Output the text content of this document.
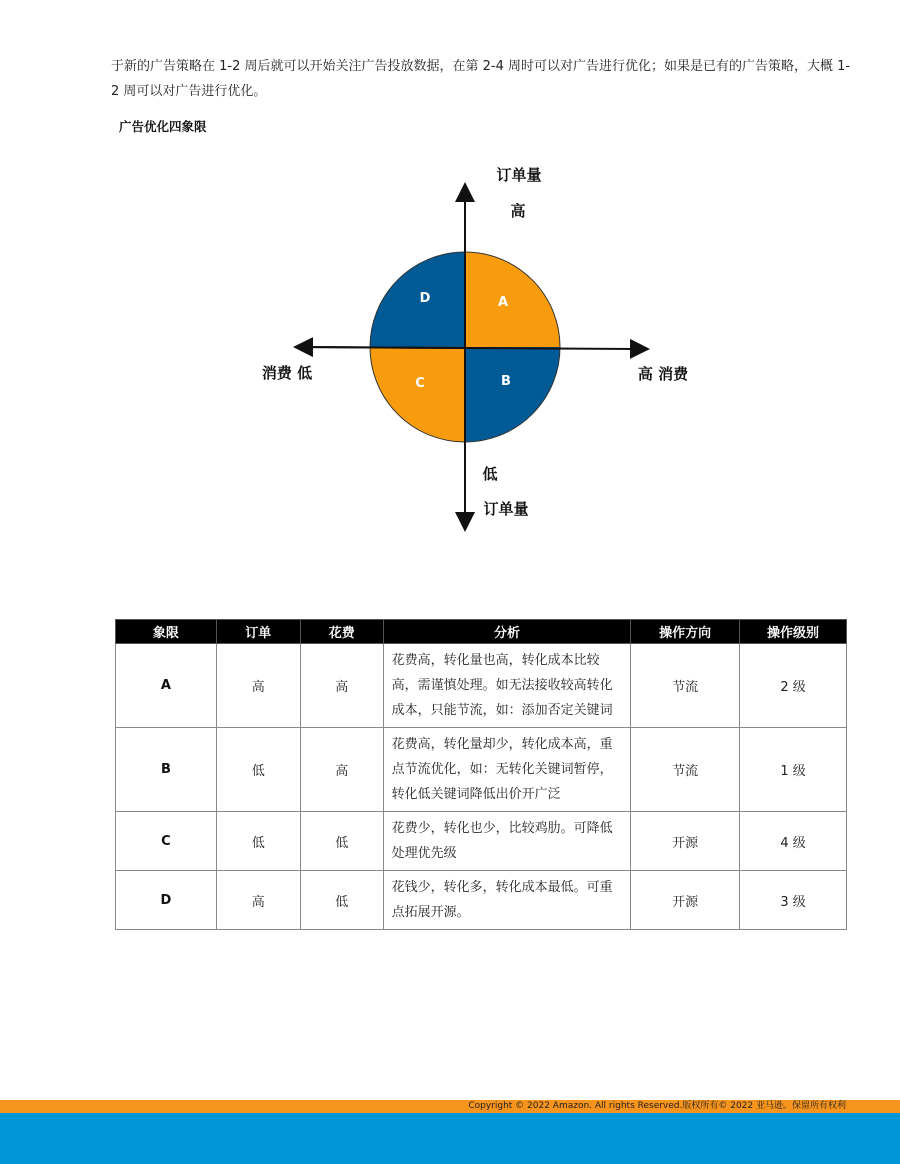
于新的广告策略在 1-2 周后就可以开始关注广告投放数据，在第 2-4 周时可以对广告进行优化；如果是已有的广告策略，大概 1-2 周可以对广告进行优化。
广告优化四象限
A
B
C
D
订单量
高
低
订单量
消费 低	高 消费
象限	订单	花费	分析	操作方向	操作级别
A	高	高	花费高，转化量也高，转化成本比较高，需谨慎处理。如无法接收较高转化成本，只能节流，如：添加否定关键词	节流	2 级
B	低	高	花费高，转化量却少，转化成本高，重点节流优化，如：无转化关键词暂停，转化低关键词降低出价开广泛	节流	1 级
C	低	低	花费少，转化也少，比较鸡肋。可降低处理优先级	开源	4 级
D	高	低	花钱少，转化多，转化成本最低。可重点拓展开源。	开源	3 级
Copyright © 2022 Amazon. All rights Reserved.版权所有© 2022 亚马逊。保留所有权利
